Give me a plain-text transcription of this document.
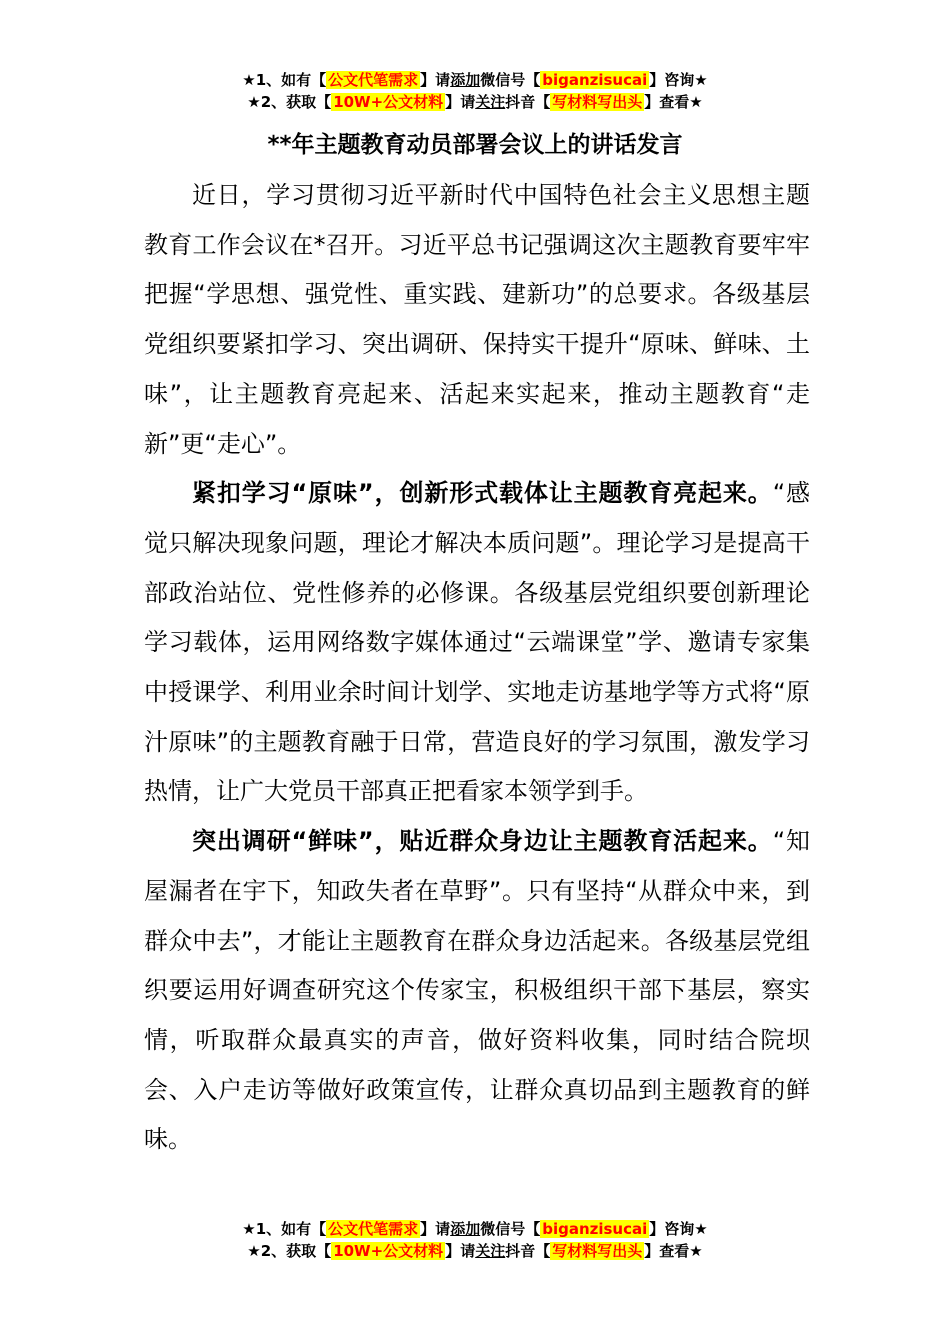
★1、如有【 公文代笔需求 】请添加微信号【 biganzisucai 】咨询★
★2、获取【 10W+公文材料 】请关注抖音【 写材料写出头 】查看★
**年主题教育动员部署会议上的讲话发言

近日，学习贯彻习近平新时代中国特色社会主义思想主题教育工作会议在*召开。习近平总书记强调这次主题教育要牢牢把握“学思想、强党性、重实践、建新功”的总要求。各级基层党组织要紧扣学习、突出调研、保持实干提升“原味、鲜味、土味”，让主题教育亮起来、活起来实起来，推动主题教育“走新”更“走心”。

紧扣学习“原味”，创新形式载体让主题教育亮起来。“感觉只解决现象问题，理论才解决本质问题”。理论学习是提高干部政治站位、党性修养的必修课。各级基层党组织要创新理论学习载体，运用网络数字媒体通过“云端课堂”学、邀请专家集中授课学、利用业余时间计划学、实地走访基地学等方式将“原汁原味”的主题教育融于日常，营造良好的学习氛围，激发学习热情，让广大党员干部真正把看家本领学到手。

突出调研“鲜味”，贴近群众身边让主题教育活起来。“知屋漏者在宇下，知政失者在草野”。只有坚持“从群众中来，到群众中去”，才能让主题教育在群众身边活起来。各级基层党组织要运用好调查研究这个传家宝，积极组织干部下基层，察实情，听取群众最真实的声音，做好资料收集，同时结合院坝会、入户走访等做好政策宣传，让群众真切品到主题教育的鲜味。

★1、如有【 公文代笔需求 】请添加微信号【 biganzisucai 】咨询★
★2、获取【 10W+公文材料 】请关注抖音【 写材料写出头 】查看★
